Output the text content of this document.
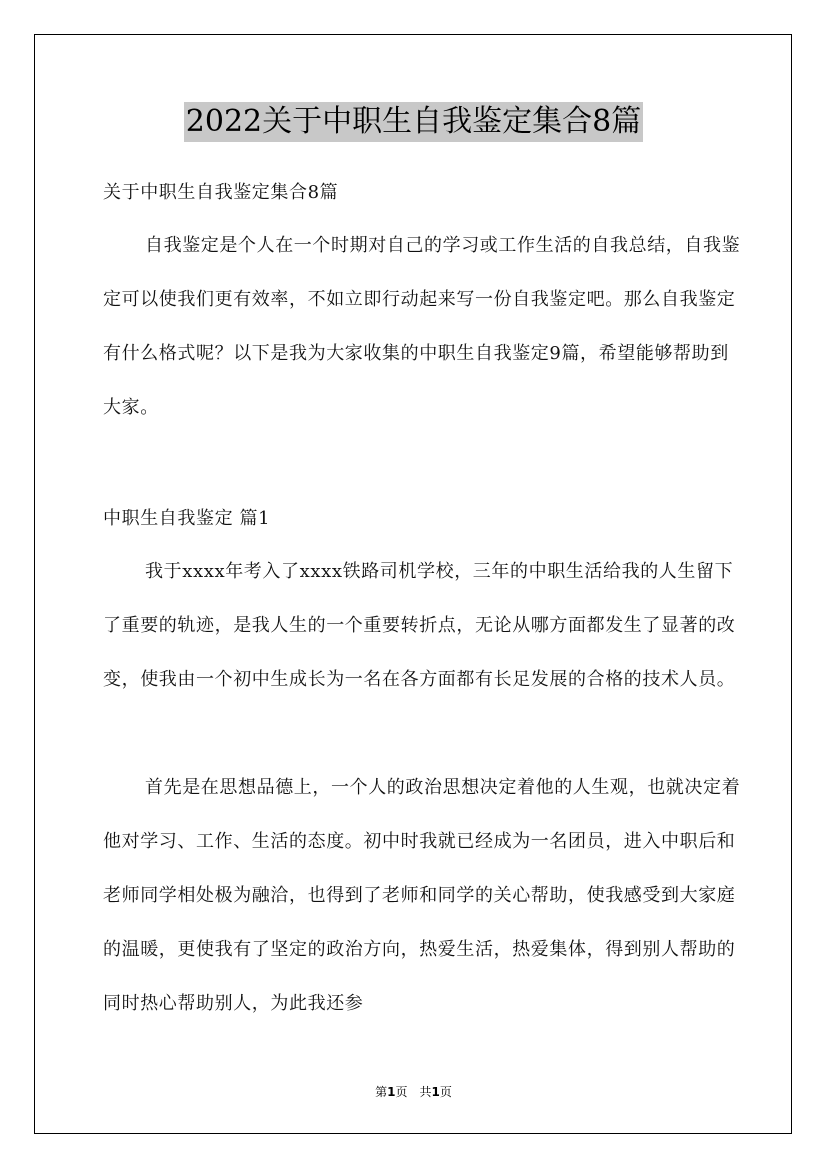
2022关于中职生自我鉴定集合8篇

关于中职生自我鉴定集合8篇

自我鉴定是个人在一个时期对自己的学习或工作生活的自我总结，自我鉴定可以使我们更有效率，不如立即行动起来写一份自我鉴定吧。那么自我鉴定有什么格式呢？以下是我为大家收集的中职生自我鉴定9篇，希望能够帮助到大家。

中职生自我鉴定 篇1

我于xxxx年考入了xxxx铁路司机学校，三年的中职生活给我的人生留下了重要的轨迹，是我人生的一个重要转折点，无论从哪方面都发生了显著的改变，使我由一个初中生成长为一名在各方面都有长足发展的合格的技术人员。

首先是在思想品德上，一个人的政治思想决定着他的人生观，也就决定着他对学习、工作、生活的态度。初中时我就已经成为一名团员，进入中职后和老师同学相处极为融洽，也得到了老师和同学的关心帮助，使我感受到大家庭的温暖，更使我有了坚定的政治方向，热爱生活，热爱集体，得到别人帮助的同时热心帮助别人，为此我还参

第1页　共1页
